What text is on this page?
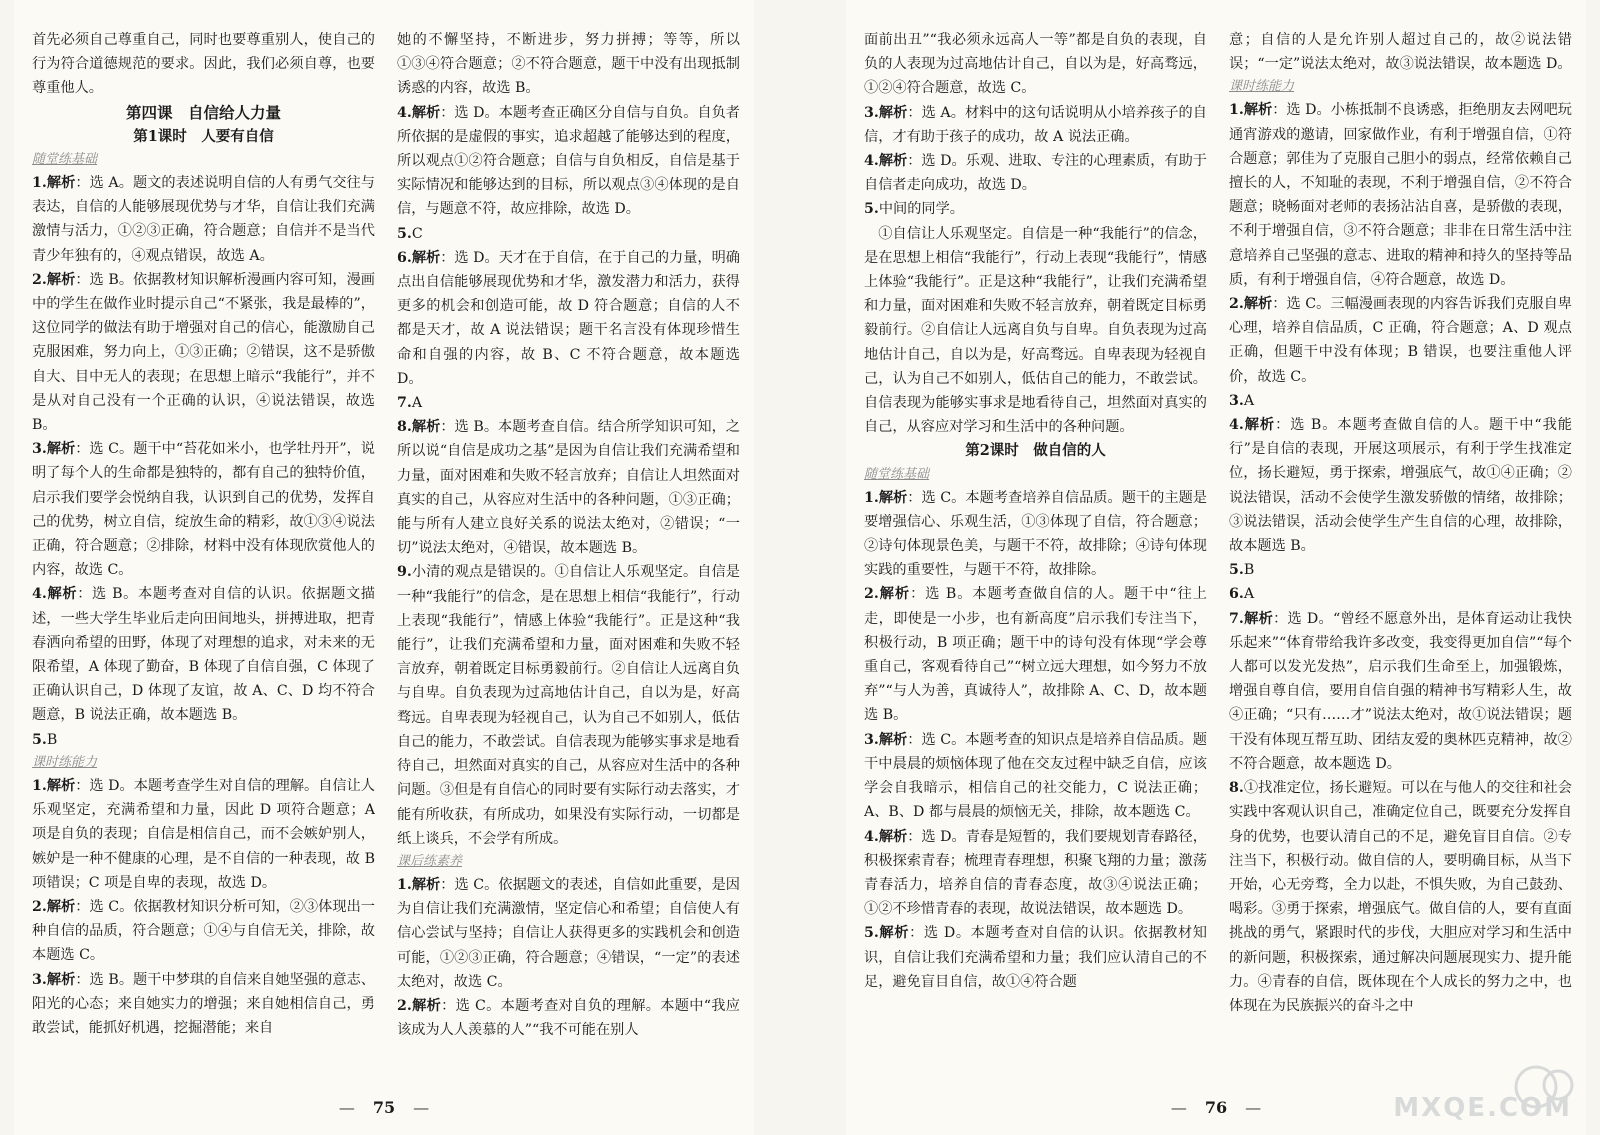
首先必须自己尊重自己，同时也要尊重别人，使自己的行为符合道德规范的要求。因此，我们必须自尊，也要尊重他人。

第四课　自信给人力量

第1课时　人要有自信

随堂练基础

1.解析：选 A。题文的表述说明自信的人有勇气交往与表达，自信的人能够展现优势与才华，自信让我们充满激情与活力，①②③正确，符合题意；自信并不是当代青少年独有的，④观点错误，故选 A。

2.解析：选 B。依据教材知识解析漫画内容可知，漫画中的学生在做作业时提示自己“不紧张，我是最棒的”，这位同学的做法有助于增强对自己的信心，能激励自己克服困难，努力向上，①③正确；②错误，这不是骄傲自大、目中无人的表现；在思想上暗示“我能行”，并不是从对自己没有一个正确的认识，④说法错误，故选 B。

3.解析：选 C。题干中“苔花如米小，也学牡丹开”，说明了每个人的生命都是独特的，都有自己的独特价值，启示我们要学会悦纳自我，认识到自己的优势，发挥自己的优势，树立自信，绽放生命的精彩，故①③④说法正确，符合题意；②排除，材料中没有体现欣赏他人的内容，故选 C。

4.解析：选 B。本题考查对自信的认识。依据题文描述，一些大学生毕业后走向田间地头，拼搏进取，把青春洒向希望的田野，体现了对理想的追求，对未来的无限希望，A 体现了勤奋，B 体现了自信自强，C 体现了正确认识自己，D 体现了友谊，故 A、C、D 均不符合题意，B 说法正确，故本题选 B。

5.B

课时练能力

1.解析：选 D。本题考查学生对自信的理解。自信让人乐观坚定，充满希望和力量，因此 D 项符合题意；A 项是自负的表现；自信是相信自己，而不会嫉妒别人，嫉妒是一种不健康的心理，是不自信的一种表现，故 B 项错误；C 项是自卑的表现，故选 D。

2.解析：选 C。依据教材知识分析可知，②③体现出一种自信的品质，符合题意；①④与自信无关，排除，故本题选 C。

3.解析：选 B。题干中梦琪的自信来自她坚强的意志、阳光的心态；来自她实力的增强；来自她相信自己，勇敢尝试，能抓好机遇，挖掘潜能；来自

她的不懈坚持，不断进步，努力拼搏；等等，所以①③④符合题意；②不符合题意，题干中没有出现抵制诱惑的内容，故选 B。

4.解析：选 D。本题考查正确区分自信与自负。自负者所依据的是虚假的事实，追求超越了能够达到的程度，所以观点①②符合题意；自信与自负相反，自信是基于实际情况和能够达到的目标，所以观点③④体现的是自信，与题意不符，故应排除，故选 D。

5.C

6.解析：选 D。天才在于自信，在于自己的力量，明确点出自信能够展现优势和才华，激发潜力和活力，获得更多的机会和创造可能，故 D 符合题意；自信的人不都是天才，故 A 说法错误；题干名言没有体现珍惜生命和自强的内容，故 B、C 不符合题意，故本题选 D。

7.A

8.解析：选 B。本题考查自信。结合所学知识可知，之所以说“自信是成功之基”是因为自信让我们充满希望和力量，面对困难和失败不轻言放弃；自信让人坦然面对真实的自己，从容应对生活中的各种问题，①③正确；能与所有人建立良好关系的说法太绝对，②错误；“一切”说法太绝对，④错误，故本题选 B。

9.小清的观点是错误的。①自信让人乐观坚定。自信是一种“我能行”的信念，是在思想上相信“我能行”，行动上表现“我能行”，情感上体验“我能行”。正是这种“我能行”，让我们充满希望和力量，面对困难和失败不轻言放弃，朝着既定目标勇毅前行。②自信让人远离自负与自卑。自负表现为过高地估计自己，自以为是，好高骛远。自卑表现为轻视自己，认为自己不如别人，低估自己的能力，不敢尝试。自信表现为能够实事求是地看待自己，坦然面对真实的自己，从容应对生活中的各种问题。③但是有自信心的同时要有实际行动去落实，才能有所收获，有所成功，如果没有实际行动，一切都是纸上谈兵，不会学有所成。

课后练素养

1.解析：选 C。依据题文的表述，自信如此重要，是因为自信让我们充满激情，坚定信心和希望；自信使人有信心尝试与坚持；自信让人获得更多的实践机会和创造可能，①②③正确，符合题意；④错误，“一定”的表述太绝对，故选 C。

2.解析：选 C。本题考查对自负的理解。本题中“我应该成为人人羡慕的人”“我不可能在别人

— 75 —

面前出丑”“我必须永远高人一等”都是自负的表现，自负的人表现为过高地估计自己，自以为是，好高骛远，①②④符合题意，故选 C。

3.解析：选 A。材料中的这句话说明从小培养孩子的自信，才有助于孩子的成功，故 A 说法正确。

4.解析：选 D。乐观、进取、专注的心理素质，有助于自信者走向成功，故选 D。

5.中间的同学。

①自信让人乐观坚定。自信是一种“我能行”的信念，是在思想上相信“我能行”，行动上表现“我能行”，情感上体验“我能行”。正是这种“我能行”，让我们充满希望和力量，面对困难和失败不轻言放弃，朝着既定目标勇毅前行。②自信让人远离自负与自卑。自负表现为过高地估计自己，自以为是，好高骛远。自卑表现为轻视自己，认为自己不如别人，低估自己的能力，不敢尝试。自信表现为能够实事求是地看待自己，坦然面对真实的自己，从容应对学习和生活中的各种问题。

第2课时　做自信的人

随堂练基础

1.解析：选 C。本题考查培养自信品质。题干的主题是要增强信心、乐观生活，①③体现了自信，符合题意；②诗句体现景色美，与题干不符，故排除；④诗句体现实践的重要性，与题干不符，故排除。

2.解析：选 B。本题考查做自信的人。题干中“往上走，即使是一小步，也有新高度”启示我们专注当下，积极行动，B 项正确；题干中的诗句没有体现“学会尊重自己，客观看待自己”“树立远大理想，如今努力不放弃”“与人为善，真诚待人”，故排除 A、C、D，故本题选 B。

3.解析：选 C。本题考查的知识点是培养自信品质。题干中晨晨的烦恼体现了他在交友过程中缺乏自信，应该学会自我暗示，相信自己的社交能力，C 说法正确；A、B、D 都与晨晨的烦恼无关，排除，故本题选 C。

4.解析：选 D。青春是短暂的，我们要规划青春路径，积极探索青春；梳理青春理想，积聚飞翔的力量；激荡青春活力，培养自信的青春态度，故③④说法正确；①②不珍惜青春的表现，故说法错误，故本题选 D。

5.解析：选 D。本题考查对自信的认识。依据教材知识，自信让我们充满希望和力量；我们应认清自己的不足，避免盲目自信，故①④符合题

意；自信的人是允许别人超过自己的，故②说法错误；“一定”说法太绝对，故③说法错误，故本题选 D。

课时练能力

1.解析：选 D。小栋抵制不良诱惑，拒绝朋友去网吧玩通宵游戏的邀请，回家做作业，有利于增强自信，①符合题意；郭佳为了克服自己胆小的弱点，经常依赖自己擅长的人，不知耻的表现，不利于增强自信，②不符合题意；晓畅面对老师的表扬沾沾自喜，是骄傲的表现，不利于增强自信，③不符合题意；非非在日常生活中注意培养自己坚强的意志、进取的精神和持久的坚持等品质，有利于增强自信，④符合题意，故选 D。

2.解析：选 C。三幅漫画表现的内容告诉我们克服自卑心理，培养自信品质，C 正确，符合题意；A、D 观点正确，但题干中没有体现；B 错误，也要注重他人评价，故选 C。

3.A

4.解析：选 B。本题考查做自信的人。题干中“我能行”是自信的表现，开展这项展示，有利于学生找准定位，扬长避短，勇于探索，增强底气，故①④正确；②说法错误，活动不会使学生激发骄傲的情绪，故排除；③说法错误，活动会使学生产生自信的心理，故排除，故本题选 B。

5.B

6.A

7.解析：选 D。“曾经不愿意外出，是体育运动让我快乐起来”“体育带给我许多改变，我变得更加自信”“每个人都可以发光发热”，启示我们生命至上，加强锻炼，增强自尊自信，要用自信自强的精神书写精彩人生，故④正确；“只有……才”说法太绝对，故①说法错误；题干没有体现互帮互助、团结友爱的奥林匹克精神，故②不符合题意，故本题选 D。

8.①找准定位，扬长避短。可以在与他人的交往和社会实践中客观认识自己，准确定位自己，既要充分发挥自身的优势，也要认清自己的不足，避免盲目自信。②专注当下，积极行动。做自信的人，要明确目标，从当下开始，心无旁骛，全力以赴，不惧失败，为自己鼓劲、喝彩。③勇于探索，增强底气。做自信的人，要有直面挑战的勇气，紧跟时代的步伐，大胆应对学习和生活中的新问题，积极探索，通过解决问题展现实力、提升能力。④青春的自信，既体现在个人成长的努力之中，也体现在为民族振兴的奋斗之中

— 76 —	MXQE.COM
